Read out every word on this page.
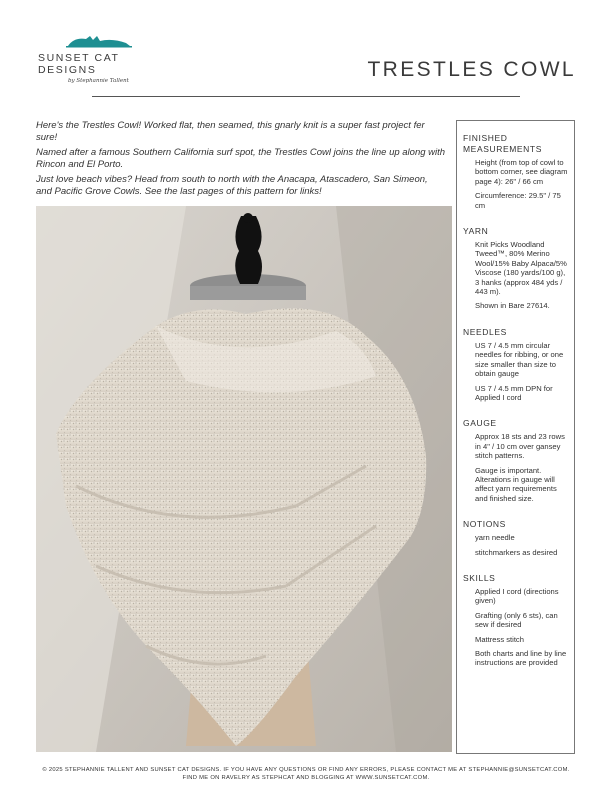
SUNSET CAT DESIGNS
by Stephannie Tallent	TRESTLES COWL

Here's the Trestles Cowl! Worked flat, then seamed, this gnarly knit is a super fast project fer sure!

Named after a famous Southern California surf spot, the Trestles Cowl joins the line up along with Rincon and El Porto.

Just love beach vibes? Head from south to north with the Anacapa, Atascadero, San Simeon, and Pacific Grove Cowls. See the last pages of this pattern for links!

FINISHED MEASUREMENTS
Height (from top of cowl to bottom corner, see diagram page 4): 26" / 66 cm
Circumference: 29.5" / 75 cm
YARN
Knit Picks Woodland Tweed™, 80% Merino Wool/15% Baby Alpaca/5% Viscose (180 yards/100 g), 3 hanks (approx 484 yds / 443 m).
Shown in Bare 27614.
NEEDLES
US 7 / 4.5 mm circular needles for ribbing, or one size smaller than size to obtain gauge
US 7 / 4.5 mm DPN for Applied I cord
GAUGE
Approx 18 sts and 23 rows in 4" / 10 cm over gansey stitch patterns.
Gauge is important. Alterations in gauge will affect yarn requirements and finished size.
NOTIONS
yarn needle
stitchmarkers as desired
SKILLS
Applied I cord (directions given)
Grafting (only 6 sts), can sew if desired
Mattress stitch
Both charts and line by line instructions are provided
© 2025 STEPHANNIE TALLENT AND SUNSET CAT DESIGNS. IF YOU HAVE ANY QUESTIONS OR FIND ANY ERRORS, PLEASE CONTACT ME AT STEPHANNIE@SUNSETCAT.COM.
FIND ME ON RAVELRY AS STEPHCAT AND BLOGGING AT WWW.SUNSETCAT.COM.
